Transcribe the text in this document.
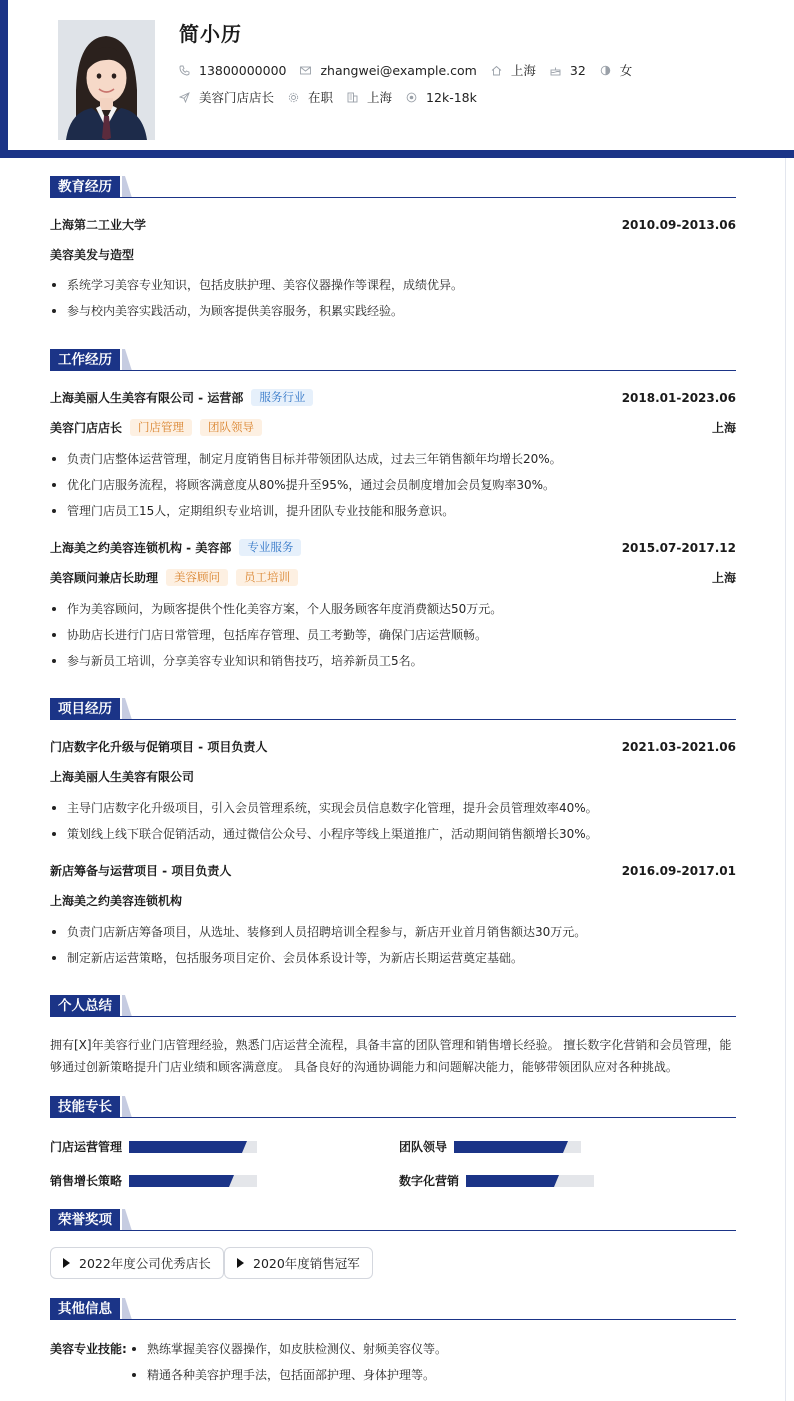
简小历
13800000000	zhangwei@example.com	上海	32	女
美容门店店长	在职	上海	12k-18k
教育经历
上海第二工业大学	2010.09-2013.06
美容美发与造型
系统学习美容专业知识，包括皮肤护理、美容仪器操作等课程，成绩优异。
参与校内美容实践活动，为顾客提供美容服务，积累实践经验。
工作经历
上海美丽人生美容有限公司 - 运营部	服务行业	2018.01-2023.06
美容门店店长	门店管理	团队领导	上海
负责门店整体运营管理，制定月度销售目标并带领团队达成，过去三年销售额年均增长20%。
优化门店服务流程，将顾客满意度从80%提升至95%，通过会员制度增加会员复购率30%。
管理门店员工15人，定期组织专业培训，提升团队专业技能和服务意识。
上海美之约美容连锁机构 - 美容部	专业服务	2015.07-2017.12
美容顾问兼店长助理	美容顾问	员工培训	上海
作为美容顾问，为顾客提供个性化美容方案，个人服务顾客年度消费额达50万元。
协助店长进行门店日常管理，包括库存管理、员工考勤等，确保门店运营顺畅。
参与新员工培训，分享美容专业知识和销售技巧，培养新员工5名。
项目经历
门店数字化升级与促销项目 - 项目负责人	2021.03-2021.06
上海美丽人生美容有限公司
主导门店数字化升级项目，引入会员管理系统，实现会员信息数字化管理，提升会员管理效率40%。
策划线上线下联合促销活动，通过微信公众号、小程序等线上渠道推广，活动期间销售额增长30%。
新店筹备与运营项目 - 项目负责人	2016.09-2017.01
上海美之约美容连锁机构
负责门店新店筹备项目，从选址、装修到人员招聘培训全程参与，新店开业首月销售额达30万元。
制定新店运营策略，包括服务项目定价、会员体系设计等，为新店长期运营奠定基础。
个人总结
拥有[X]年美容行业门店管理经验，熟悉门店运营全流程，具备丰富的团队管理和销售增长经验。 擅长数字化营销和会员管理，能
够通过创新策略提升门店业绩和顾客满意度。 具备良好的沟通协调能力和问题解决能力，能够带领团队应对各种挑战。
技能专长
门店运营管理	团队领导
销售增长策略	数字化营销
荣誉奖项
2022年度公司优秀店长	2020年度销售冠军
其他信息
美容专业技能: 熟练掌握美容仪器操作，如皮肤检测仪、射频美容仪等。
精通各种美容护理手法，包括面部护理、身体护理等。
